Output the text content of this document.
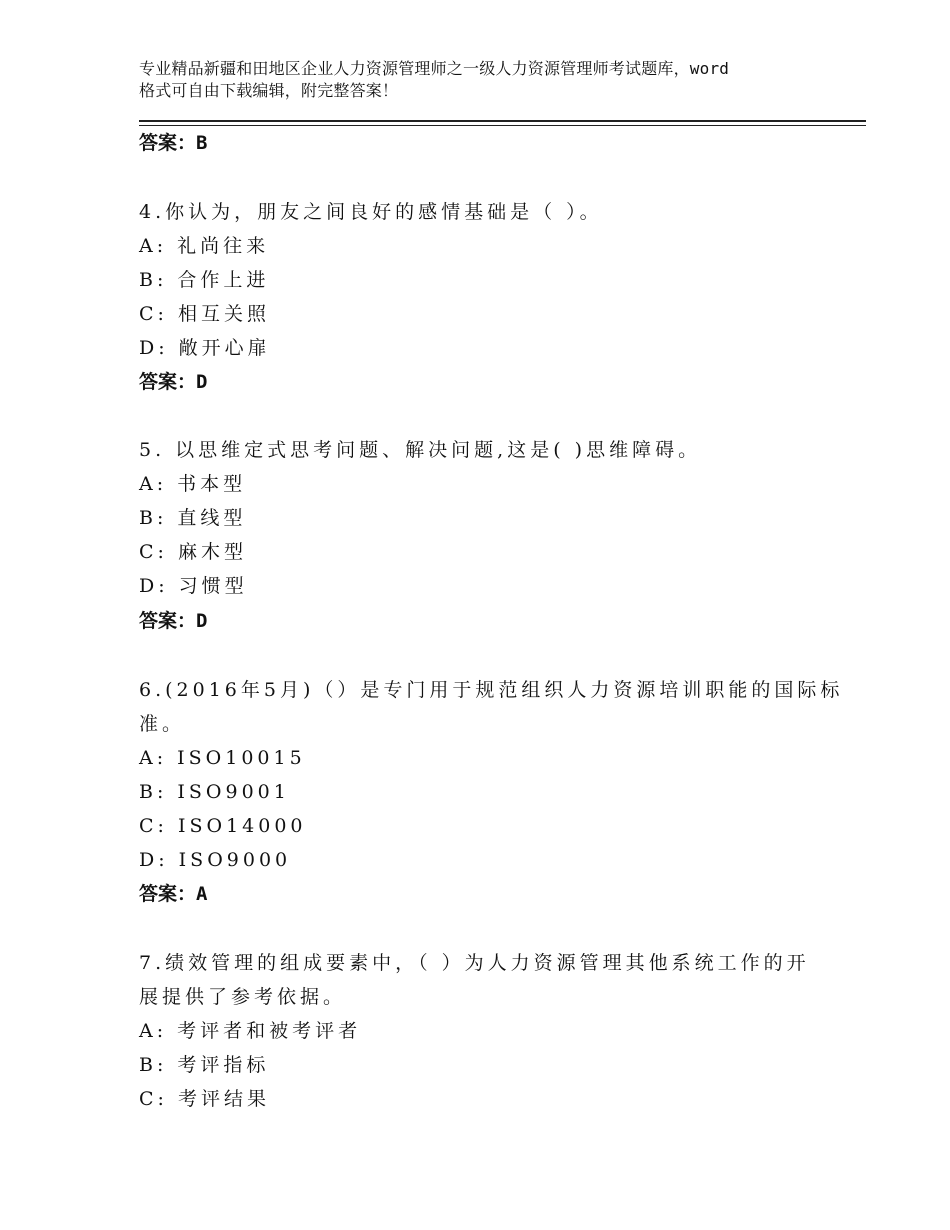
专业精品新疆和田地区企业人力资源管理师之一级人力资源管理师考试题库，word
格式可自由下载编辑，附完整答案！
答案：B
4.你认为，朋友之间良好的感情基础是（ ）。
A: 礼尚往来
B: 合作上进
C: 相互关照
D: 敞开心扉
答案：D
5. 以思维定式思考问题、解决问题,这是( )思维障碍。
A: 书本型
B: 直线型
C: 麻木型
D: 习惯型
答案：D
6.(2016年5月)（）是专门用于规范组织人力资源培训职能的国际标
准。
A: ISO10015
B: ISO9001
C: ISO14000
D: ISO9000
答案：A
7.绩效管理的组成要素中，（ ）为人力资源管理其他系统工作的开
展提供了参考依据。
A: 考评者和被考评者
B: 考评指标
C: 考评结果
